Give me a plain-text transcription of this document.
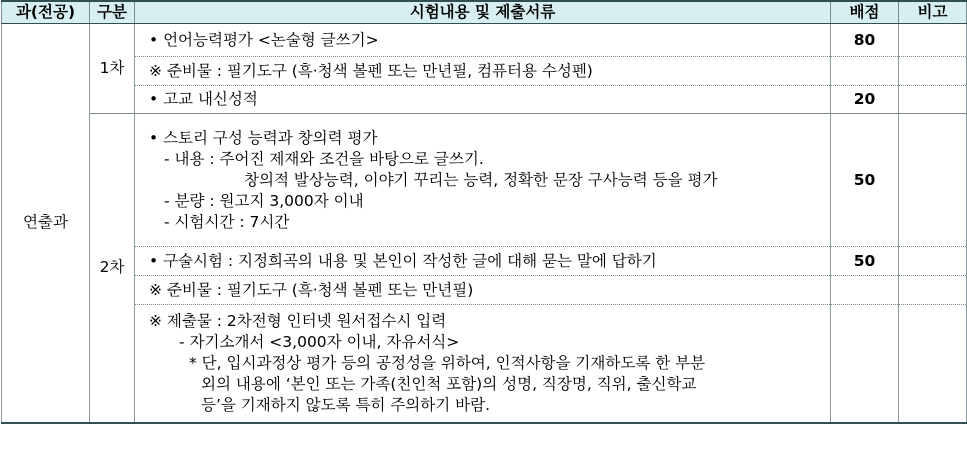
과(전공)	구분	시험내용 및 제출서류	배점	비고
연출과	1차	• 언어능력평가 <논술형 글쓰기>	80	

		※ 준비물 : 필기도구 (흑·청색 볼펜 또는 만년필, 컴퓨터용 수성펜)		

		• 고교 내신성적	20	
	2차	• 스토리 구성 능력과 창의력 평가
- 내용 : 주어진 제재와 조건을 바탕으로 글쓰기.
창의적 발상능력, 이야기 꾸리는 능력, 정확한 문장 구사능력 등을 평가
- 분량 : 원고지 3,000자 이내
- 시험시간 : 7시간	50	

		• 구술시험 : 지정희곡의 내용 및 본인이 작성한 글에 대해 묻는 말에 답하기	50	

		※ 준비물 : 필기도구 (흑·청색 볼펜 또는 만년필)		

		※ 제출물 : 2차전형 인터넷 원서접수시 입력
- 자기소개서 <3,000자 이내, 자유서식>
* 단, 입시과정상 평가 등의 공정성을 위하여, 인적사항을 기재하도록 한 부분
외의 내용에 ‘본인 또는 가족(친인척 포함)의 성명, 직장명, 직위, 출신학교
등’을 기재하지 않도록 특히 주의하기 바람.		
